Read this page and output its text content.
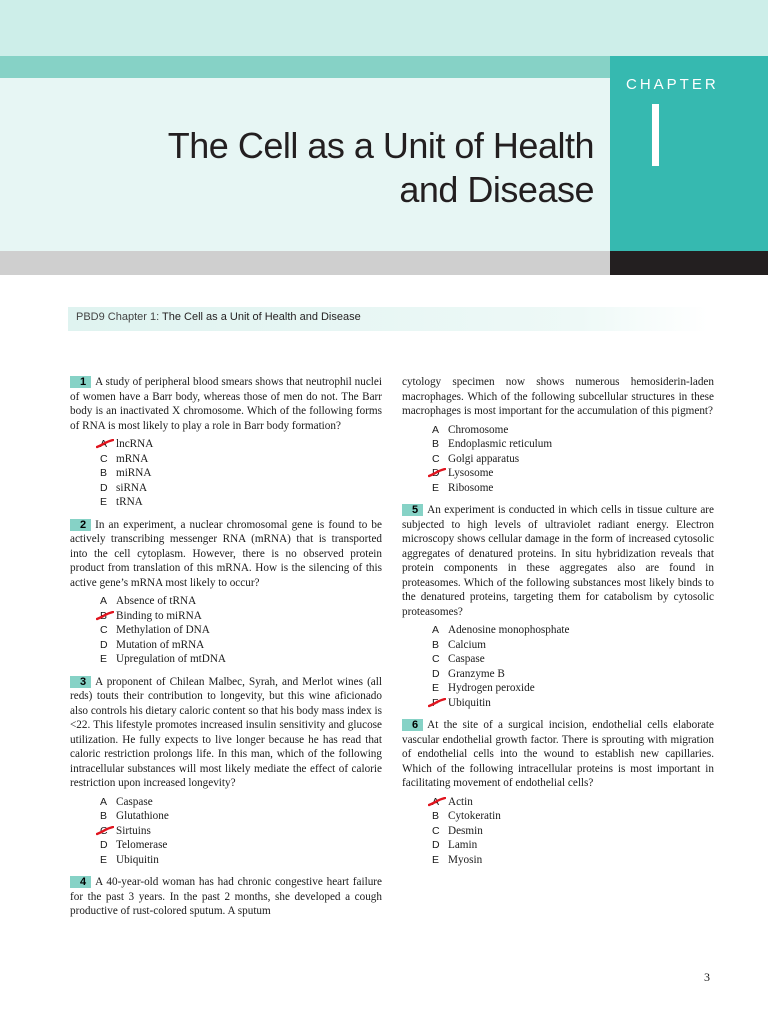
CHAPTER
The Cell as a Unit of Health
and Disease
PBD9 Chapter 1: The Cell as a Unit of Health and Disease

1 A study of peripheral blood smears shows that neutrophil nuclei of women have a Barr body, whereas those of men do not. The Barr body is an inactivated X chromosome. Which of the following forms of RNA is most likely to play a role in Barr body formation?

A lncRNA
C mRNA
B miRNA
D siRNA
E tRNA

2 In an experiment, a nuclear chromosomal gene is found to be actively transcribing messenger RNA (mRNA) that is transported into the cell cytoplasm. However, there is no observed protein product from translation of this mRNA. How is the silencing of this active gene’s mRNA most likely to occur?

A Absence of tRNA
B Binding to miRNA
C Methylation of DNA
D Mutation of mRNA
E Upregulation of mtDNA

3 A proponent of Chilean Malbec, Syrah, and Merlot wines (all reds) touts their contribution to longevity, but this wine aficionado also controls his dietary caloric content so that his body mass index is <22. This lifestyle promotes increased insulin sensitivity and glucose utilization. He fully expects to live longer because he has read that caloric restriction prolongs life. In this man, which of the following intracellular substances will most likely mediate the effect of calorie restriction upon increased longevity?

A Caspase
B Glutathione
C Sirtuins
D Telomerase
E Ubiquitin

4 A 40-year-old woman has had chronic congestive heart failure for the past 3 years. In the past 2 months, she developed a cough productive of rust-colored sputum. A sputum

cytology specimen now shows numerous hemosiderin-laden macrophages. Which of the following subcellular structures in these macrophages is most important for the accumulation of this pigment?

A Chromosome
B Endoplasmic reticulum
C Golgi apparatus
D Lysosome
E Ribosome

5 An experiment is conducted in which cells in tissue culture are subjected to high levels of ultraviolet radiant energy. Electron microscopy shows cellular damage in the form of increased cytosolic aggregates of denatured proteins. In situ hybridization reveals that protein components in these aggregates also are found in proteasomes. Which of the following substances most likely binds to the denatured proteins, targeting them for catabolism by cytosolic proteasomes?

A Adenosine monophosphate
B Calcium
C Caspase
D Granzyme B
E Hydrogen peroxide
F Ubiquitin

6 At the site of a surgical incision, endothelial cells elaborate vascular endothelial growth factor. There is sprouting with migration of endothelial cells into the wound to establish new capillaries. Which of the following intracellular proteins is most important in facilitating movement of endothelial cells?

A Actin
B Cytokeratin
C Desmin
D Lamin
E Myosin
3
